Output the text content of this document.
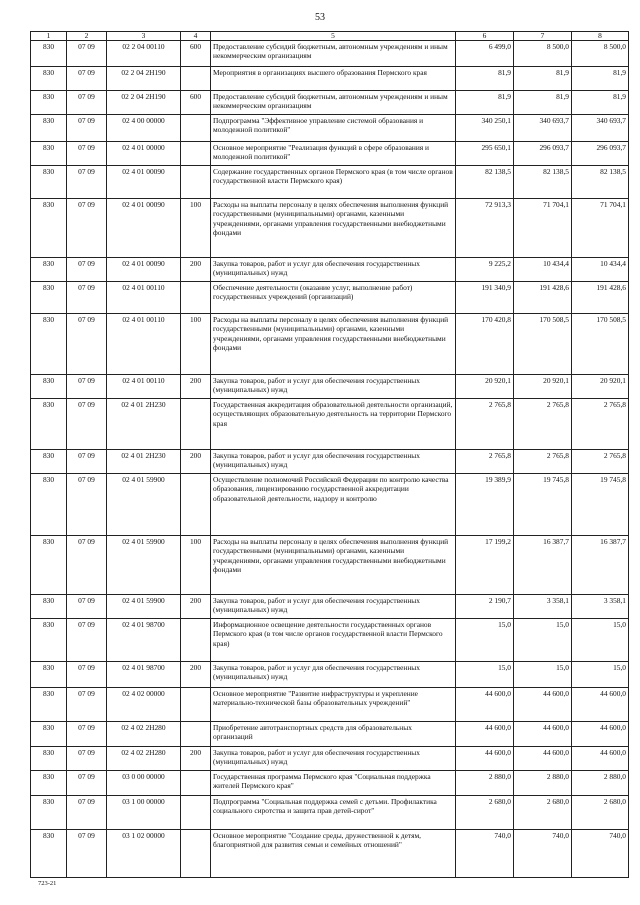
53
1	2	3	4	5	6	7	8
830	07 09	02 2 04 00110	600	Предоставление субсидий бюджетным, автономным учреждениям и иным некоммерческим организациям	6 499,0	8 500,0	8 500,0
830	07 09	02 2 04 2Н190		Мероприятия в организациях высшего образования Пермского края	81,9	81,9	81,9
830	07 09	02 2 04 2Н190	600	Предоставление субсидий бюджетным, автономным учреждениям и иным некоммерческим организациям	81,9	81,9	81,9
830	07 09	02 4 00 00000		Подпрограмма "Эффективное управление системой образования и молодежной политикой"	340 250,1	340 693,7	340 693,7
830	07 09	02 4 01 00000		Основное мероприятие "Реализация функций в сфере образования и молодежной политикой"	295 650,1	296 093,7	296 093,7
830	07 09	02 4 01 00090		Содержание государственных органов Пермского края (в том числе органов государственной власти Пермского края)	82 138,5	82 138,5	82 138,5
830	07 09	02 4 01 00090	100	Расходы на выплаты персоналу в целях обеспечения выполнения функций государственными (муниципальными) органами, казенными учреждениями, органами управления государственными внебюджетными фондами	72 913,3	71 704,1	71 704,1
830	07 09	02 4 01 00090	200	Закупка товаров, работ и услуг для обеспечения государственных (муниципальных) нужд	9 225,2	10 434,4	10 434,4
830	07 09	02 4 01 00110		Обеспечение деятельности (оказание услуг, выполнение работ) государственных учреждений (организаций)	191 340,9	191 428,6	191 428,6
830	07 09	02 4 01 00110	100	Расходы на выплаты персоналу в целях обеспечения выполнения функций государственными (муниципальными) органами, казенными учреждениями, органами управления государственными внебюджетными фондами	170 420,8	170 508,5	170 508,5
830	07 09	02 4 01 00110	200	Закупка товаров, работ и услуг для обеспечения государственных (муниципальных) нужд	20 920,1	20 920,1	20 920,1
830	07 09	02 4 01 2Н230		Государственная аккредитация образовательной деятельности организаций, осуществляющих образовательную деятельность на территории Пермского края	2 765,8	2 765,8	2 765,8
830	07 09	02 4 01 2Н230	200	Закупка товаров, работ и услуг для обеспечения государственных (муниципальных) нужд	2 765,8	2 765,8	2 765,8
830	07 09	02 4 01 59900		Осуществление полномочий Российской Федерации по контролю качества образования, лицензированию государственной аккредитации образовательной деятельности, надзору и контролю	19 389,9	19 745,8	19 745,8
830	07 09	02 4 01 59900	100	Расходы на выплаты персоналу в целях обеспечения выполнения функций государственными (муниципальными) органами, казенными учреждениями, органами управления государственными внебюджетными фондами	17 199,2	16 387,7	16 387,7
830	07 09	02 4 01 59900	200	Закупка товаров, работ и услуг для обеспечения государственных (муниципальных) нужд	2 190,7	3 358,1	3 358,1
830	07 09	02 4 01 98700		Информационное освещение деятельности государственных органов Пермского края (в том числе органов государственной власти Пермского края)	15,0	15,0	15,0
830	07 09	02 4 01 98700	200	Закупка товаров, работ и услуг для обеспечения государственных (муниципальных) нужд	15,0	15,0	15,0
830	07 09	02 4 02 00000		Основное мероприятие "Развитие инфраструктуры и укрепление материально-технической базы образовательных учреждений"	44 600,0	44 600,0	44 600,0
830	07 09	02 4 02 2Н280		Приобретение автотранспортных средств для образовательных организаций	44 600,0	44 600,0	44 600,0
830	07 09	02 4 02 2Н280	200	Закупка товаров, работ и услуг для обеспечения государственных (муниципальных) нужд	44 600,0	44 600,0	44 600,0
830	07 09	03 0 00 00000		Государственная программа Пермского края "Социальная поддержка жителей Пермского края"	2 880,0	2 880,0	2 880,0
830	07 09	03 1 00 00000		Подпрограмма "Социальная поддержка семей с детьми. Профилактика социального сиротства и защита прав детей-сирот"	2 680,0	2 680,0	2 680,0
830	07 09	03 1 02 00000		Основное мероприятие "Создание среды, дружественной к детям, благоприятной для развития семьи и семейных отношений"	740,0	740,0	740,0
723-21
